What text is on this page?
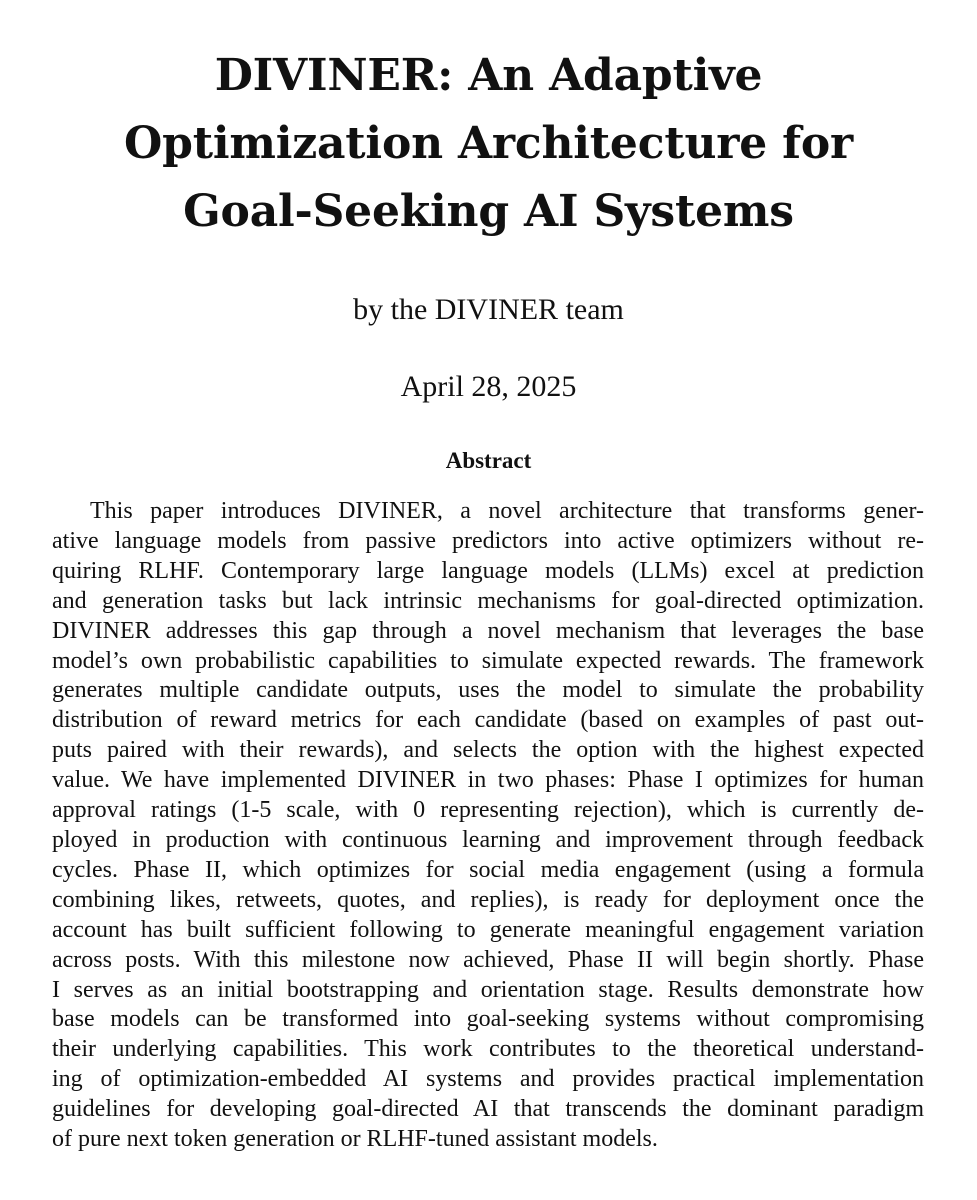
DIVINER: An Adaptive
Optimization Architecture for
Goal-Seeking AI Systems
by the DIVINER team
April 28, 2025
Abstract
This paper introduces DIVINER, a novel architecture that transforms gener-
ative language models from passive predictors into active optimizers without re-
quiring RLHF. Contemporary large language models (LLMs) excel at prediction
and generation tasks but lack intrinsic mechanisms for goal-directed optimization.
DIVINER addresses this gap through a novel mechanism that leverages the base
model’s own probabilistic capabilities to simulate expected rewards. The framework
generates multiple candidate outputs, uses the model to simulate the probability
distribution of reward metrics for each candidate (based on examples of past out-
puts paired with their rewards), and selects the option with the highest expected
value. We have implemented DIVINER in two phases: Phase I optimizes for human
approval ratings (1-5 scale, with 0 representing rejection), which is currently de-
ployed in production with continuous learning and improvement through feedback
cycles. Phase II, which optimizes for social media engagement (using a formula
combining likes, retweets, quotes, and replies), is ready for deployment once the
account has built sufficient following to generate meaningful engagement variation
across posts. With this milestone now achieved, Phase II will begin shortly. Phase
I serves as an initial bootstrapping and orientation stage. Results demonstrate how
base models can be transformed into goal-seeking systems without compromising
their underlying capabilities. This work contributes to the theoretical understand-
ing of optimization-embedded AI systems and provides practical implementation
guidelines for developing goal-directed AI that transcends the dominant paradigm
of pure next token generation or RLHF-tuned assistant models.
